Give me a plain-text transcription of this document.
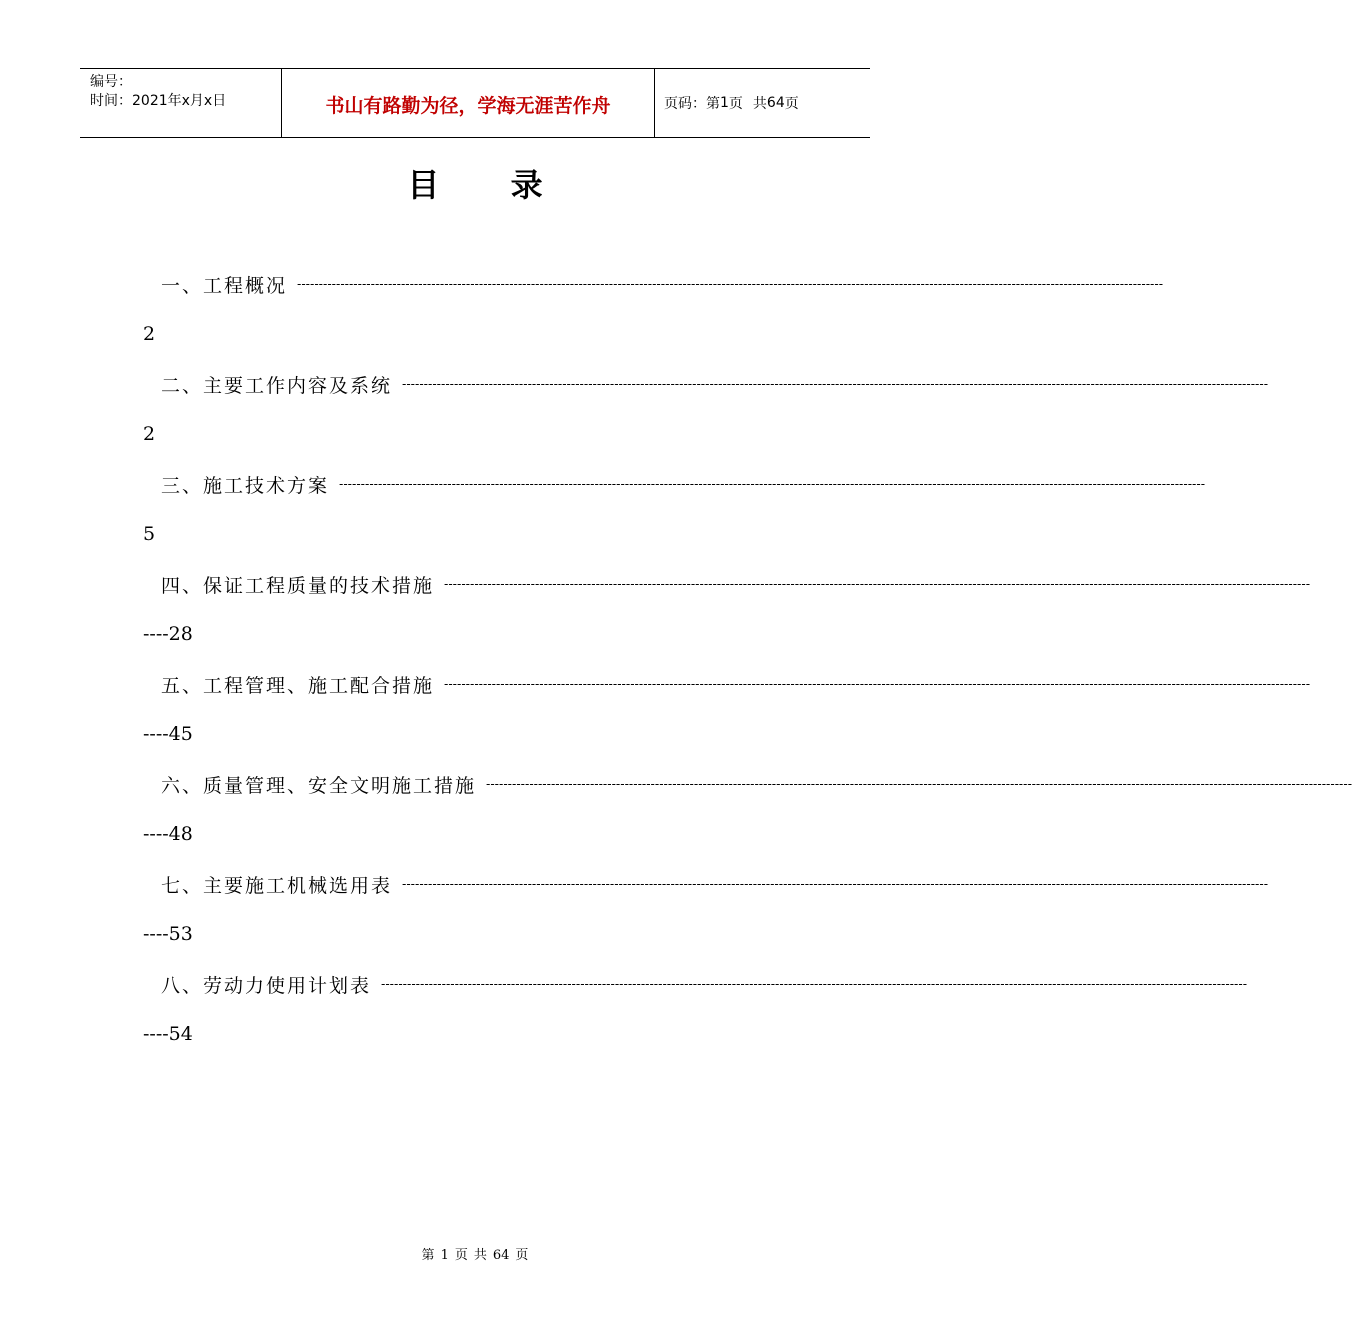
编号：
时间：2021年x月x日	书山有路勤为径，学海无涯苦作舟	页码：第 1 页 共 64 页
目 录
一、工程概况 --------------------------------------------------------------------------------------------------------------------------------------------------------------------------------------------------------
2
二、主要工作内容及系统 --------------------------------------------------------------------------------------------------------------------------------------------------------------------------------------------------------
2
三、施工技术方案 --------------------------------------------------------------------------------------------------------------------------------------------------------------------------------------------------------
5
四、保证工程质量的技术措施 --------------------------------------------------------------------------------------------------------------------------------------------------------------------------------------------------------
----28
五、工程管理、施工配合措施 --------------------------------------------------------------------------------------------------------------------------------------------------------------------------------------------------------
----45
六、质量管理、安全文明施工措施 --------------------------------------------------------------------------------------------------------------------------------------------------------------------------------------------------------
----48
七、主要施工机械选用表 --------------------------------------------------------------------------------------------------------------------------------------------------------------------------------------------------------
----53
八、劳动力使用计划表 --------------------------------------------------------------------------------------------------------------------------------------------------------------------------------------------------------
----54
第 1 页 共 64 页
